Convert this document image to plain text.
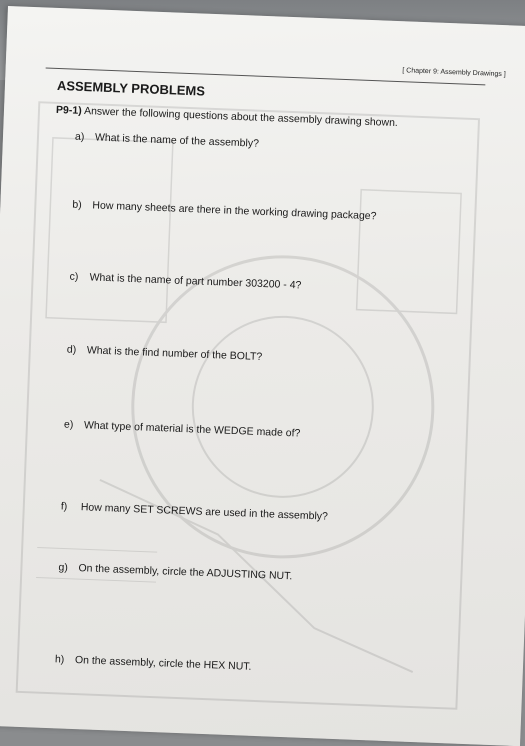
[ Chapter 9: Assembly Drawings ]
ASSEMBLY PROBLEMS
P9-1) Answer the following questions about the assembly drawing shown.
a) What is the name of the assembly?
b) How many sheets are there in the working drawing package?
c) What is the name of part number 303200 - 4?
d) What is the find number of the BOLT?
e) What type of material is the WEDGE made of?
f) How many SET SCREWS are used in the assembly?
g) On the assembly, circle the ADJUSTING NUT.
h) On the assembly, circle the HEX NUT.
